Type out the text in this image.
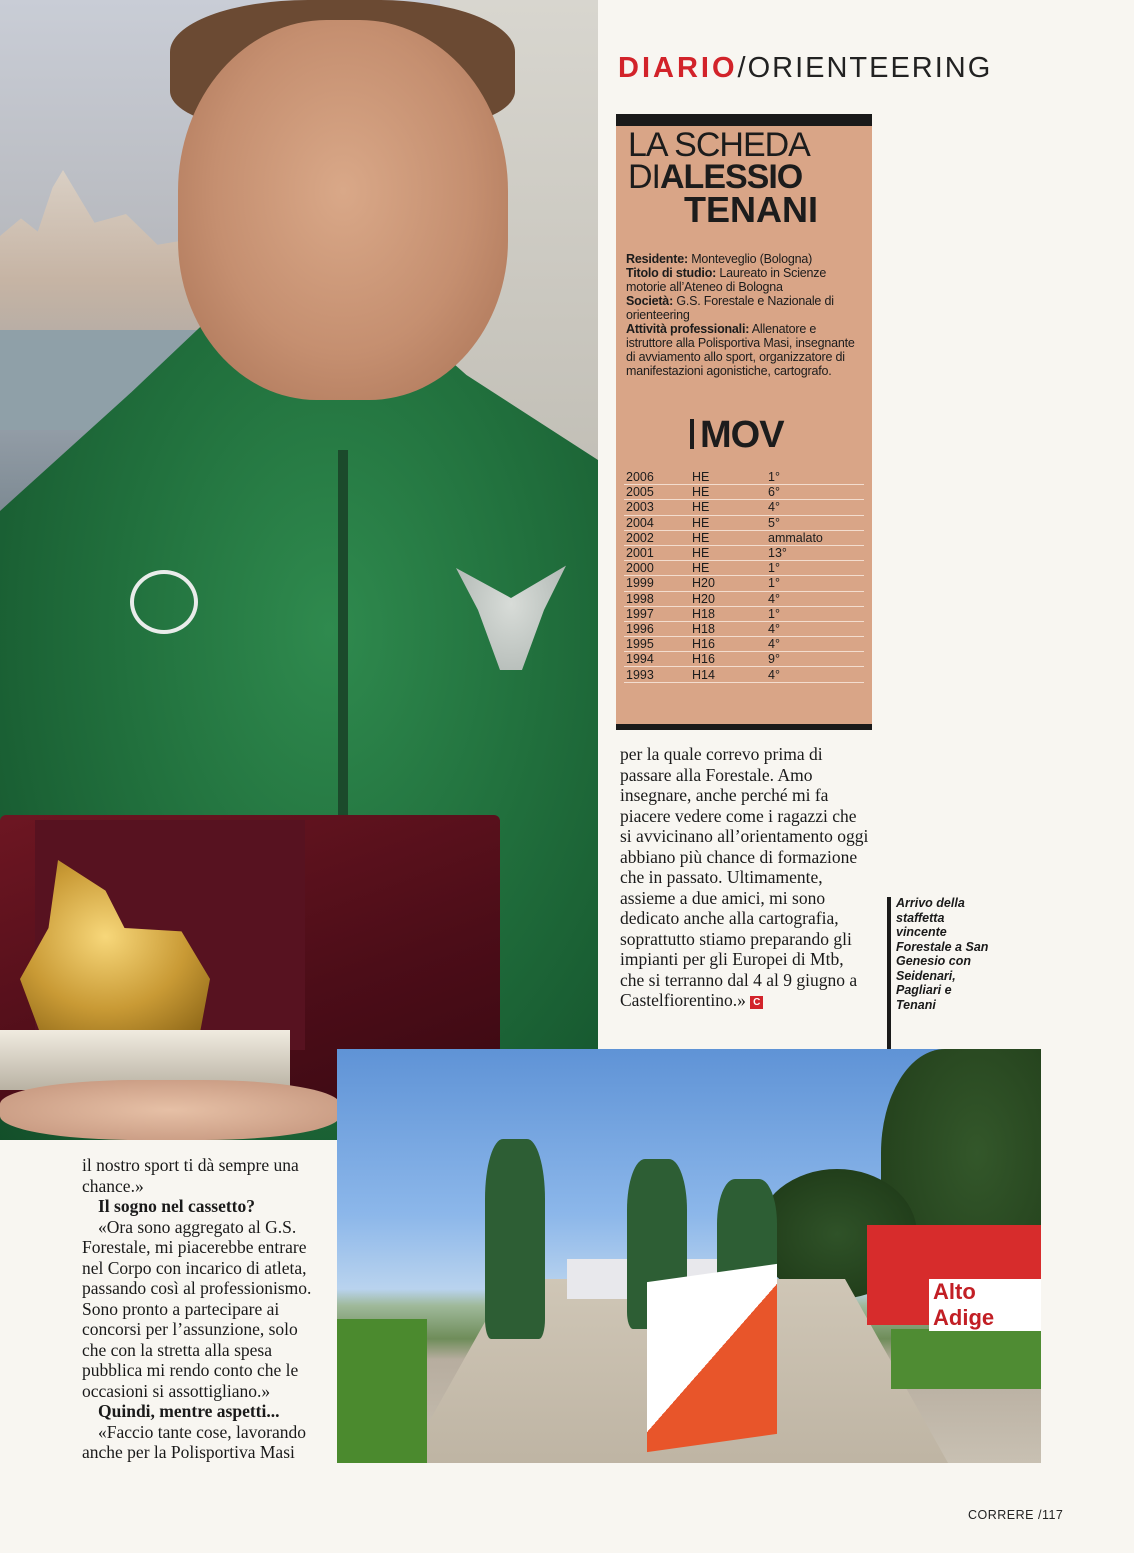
DIARIO/ORIENTEERING
LA SCHEDA
DIALESSIO
TENANI

Residente: Monteveglio (Bologna)

Titolo di studio: Laureato in Scienze motorie all’Ateneo di Bologna

Società: G.S. Forestale e Nazionale di orienteering

Attività professionali: Allenatore e istruttore alla Polisportiva Masi, insegnante di avviamento allo sport, organizzatore di manifestazioni agonistiche, cartografo.

MOV
2006	HE	1°
2005	HE	6°
2003	HE	4°
2004	HE	5°
2002	HE	ammalato
2001	HE	13°
2000	HE	1°
1999	H20	1°
1998	H20	4°
1997	H18	1°
1996	H18	4°
1995	H16	4°
1994	H16	9°
1993	H14	4°

per la quale correvo prima di passare alla Forestale. Amo insegnare, anche perché mi fa piacere vedere come i ragazzi che si avvicinano all’orientamento oggi abbiano più chance di formazione che in passato. Ultimamente, assieme a due amici, mi sono dedicato anche alla cartografia, soprattutto stiamo preparando gli impianti per gli Europei di Mtb, che si terranno dal 4 al 9 giugno a Castelfiorentino.» C

Arrivo della staffetta vincente Forestale a San Genesio con Seidenari, Pagliari e Tenani
Alto Adige

il nostro sport ti dà sempre una chance.»

Il sogno nel cassetto?

«Ora sono aggregato al G.S. Forestale, mi piacerebbe entrare nel Corpo con incarico di atleta, passando così al professionismo. Sono pronto a partecipare ai concorsi per l’assunzione, solo che con la stretta alla spesa pubblica mi rendo conto che le occasioni si assottigliano.»

Quindi, mentre aspetti...

«Faccio tante cose, lavorando anche per la Polisportiva Masi

CORRERE /117
